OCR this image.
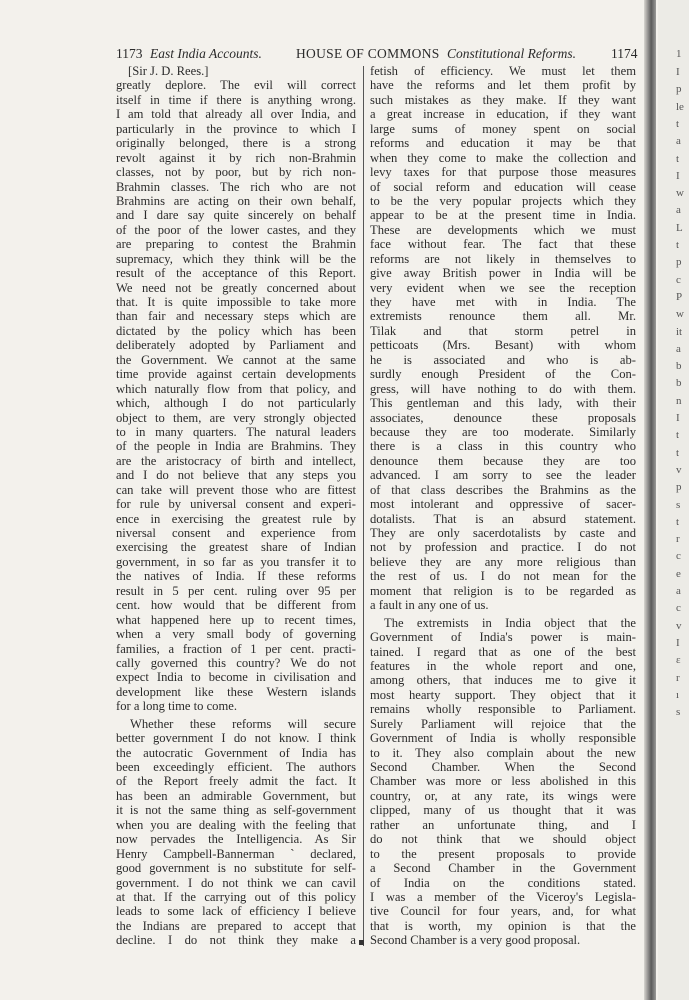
1173 East India Accounts.	HOUSE OF COMMONS Constitutional Reforms.	1174
[Sir J. D. Rees.]
greatly deplore. The evil will correct
itself in time if there is anything wrong.
I am told that already all over India, and
particularly in the province to which I
originally belonged, there is a strong
revolt against it by rich non-Brahmin
classes, not by poor, but by rich non-
Brahmin classes. The rich who are not
Brahmins are acting on their own behalf,
and I dare say quite sincerely on behalf
of the poor of the lower castes, and they
are preparing to contest the Brahmin
supremacy, which they think will be the
result of the acceptance of this Report.
We need not be greatly concerned about
that. It is quite impossible to take more
than fair and necessary steps which are
dictated by the policy which has been
deliberately adopted by Parliament and
the Government. We cannot at the same
time provide against certain developments
which naturally flow from that policy, and
which, although I do not particularly
object to them, are very strongly objected
to in many quarters. The natural leaders
of the people in India are Brahmins. They
are the aristocracy of birth and intellect,
and I do not believe that any steps you
can take will prevent those who are fittest
for rule by universal consent and experi-
ence in exercising the greatest rule by
niversal consent and experience from
exercising the greatest share of Indian
government, in so far as you transfer it to
the natives of India. If these reforms
result in 5 per cent. ruling over 95 per
cent. how would that be different from
what happened here up to recent times,
when a very small body of governing
families, a fraction of 1 per cent. practi-
cally governed this country? We do not
expect India to become in civilisation and
development like these Western islands
for a long time to come.
Whether these reforms will secure
better government I do not know. I think
the autocratic Government of India has
been exceedingly efficient. The authors
of the Report freely admit the fact. It
has been an admirable Government, but
it is not the same thing as self-government
when you are dealing with the feeling that
now pervades the Intelligencia. As Sir
Henry Campbell-Bannerman ` declared,
good government is no substitute for self-
government. I do not think we can cavil
at that. If the carrying out of this policy
leads to some lack of efficiency I believe
the Indians are prepared to accept that
decline. I do not think they make a
fetish of efficiency. We must let them
have the reforms and let them profit by
such mistakes as they make. If they want
a great increase in education, if they want
large sums of money spent on social
reforms and education it may be that
when they come to make the collection and
levy taxes for that purpose those measures
of social reform and education will cease
to be the very popular projects which they
appear to be at the present time in India.
These are developments which we must
face without fear. The fact that these
reforms are not likely in themselves to
give away British power in India will be
very evident when we see the reception
they have met with in India. The
extremists renounce them all. Mr.
Tilak and that storm petrel in
petticoats (Mrs. Besant) with whom
he is associated and who is ab-
surdly enough President of the Con-
gress, will have nothing to do with them.
This gentleman and this lady, with their
associates, denounce these proposals
because they are too moderate. Similarly
there is a class in this country who
denounce them because they are too
advanced. I am sorry to see the leader
of that class describes the Brahmins as the
most intolerant and oppressive of sacer-
dotalists. That is an absurd statement.
They are only sacerdotalists by caste and
not by profession and practice. I do not
believe they are any more religious than
the rest of us. I do not mean for the
moment that religion is to be regarded as
a fault in any one of us.
The extremists in India object that the
Government of India's power is main-
tained. I regard that as one of the best
features in the whole report and one,
among others, that induces me to give it
most hearty support. They object that it
remains wholly responsible to Parliament.
Surely Parliament will rejoice that the
Government of India is wholly responsible
to it. They also complain about the new
Second Chamber. When the Second
Chamber was more or less abolished in this
country, or, at any rate, its wings were
clipped, many of us thought that it was
rather an unfortunate thing, and I
do not think that we should object
to the present proposals to provide
a Second Chamber in the Government
of India on the conditions stated.
I was a member of the Viceroy's Legisla-
tive Council for four years, and, for what
that is worth, my opinion is that the
Second Chamber is a very good proposal.
1
I
p
le
t
a
t
I
w
a
L
t
p
c
P
w
it
a
b
b
n
I
t
t
v
p
s
t
r
c
e
a
c
v
I
ε
r
ı
s
